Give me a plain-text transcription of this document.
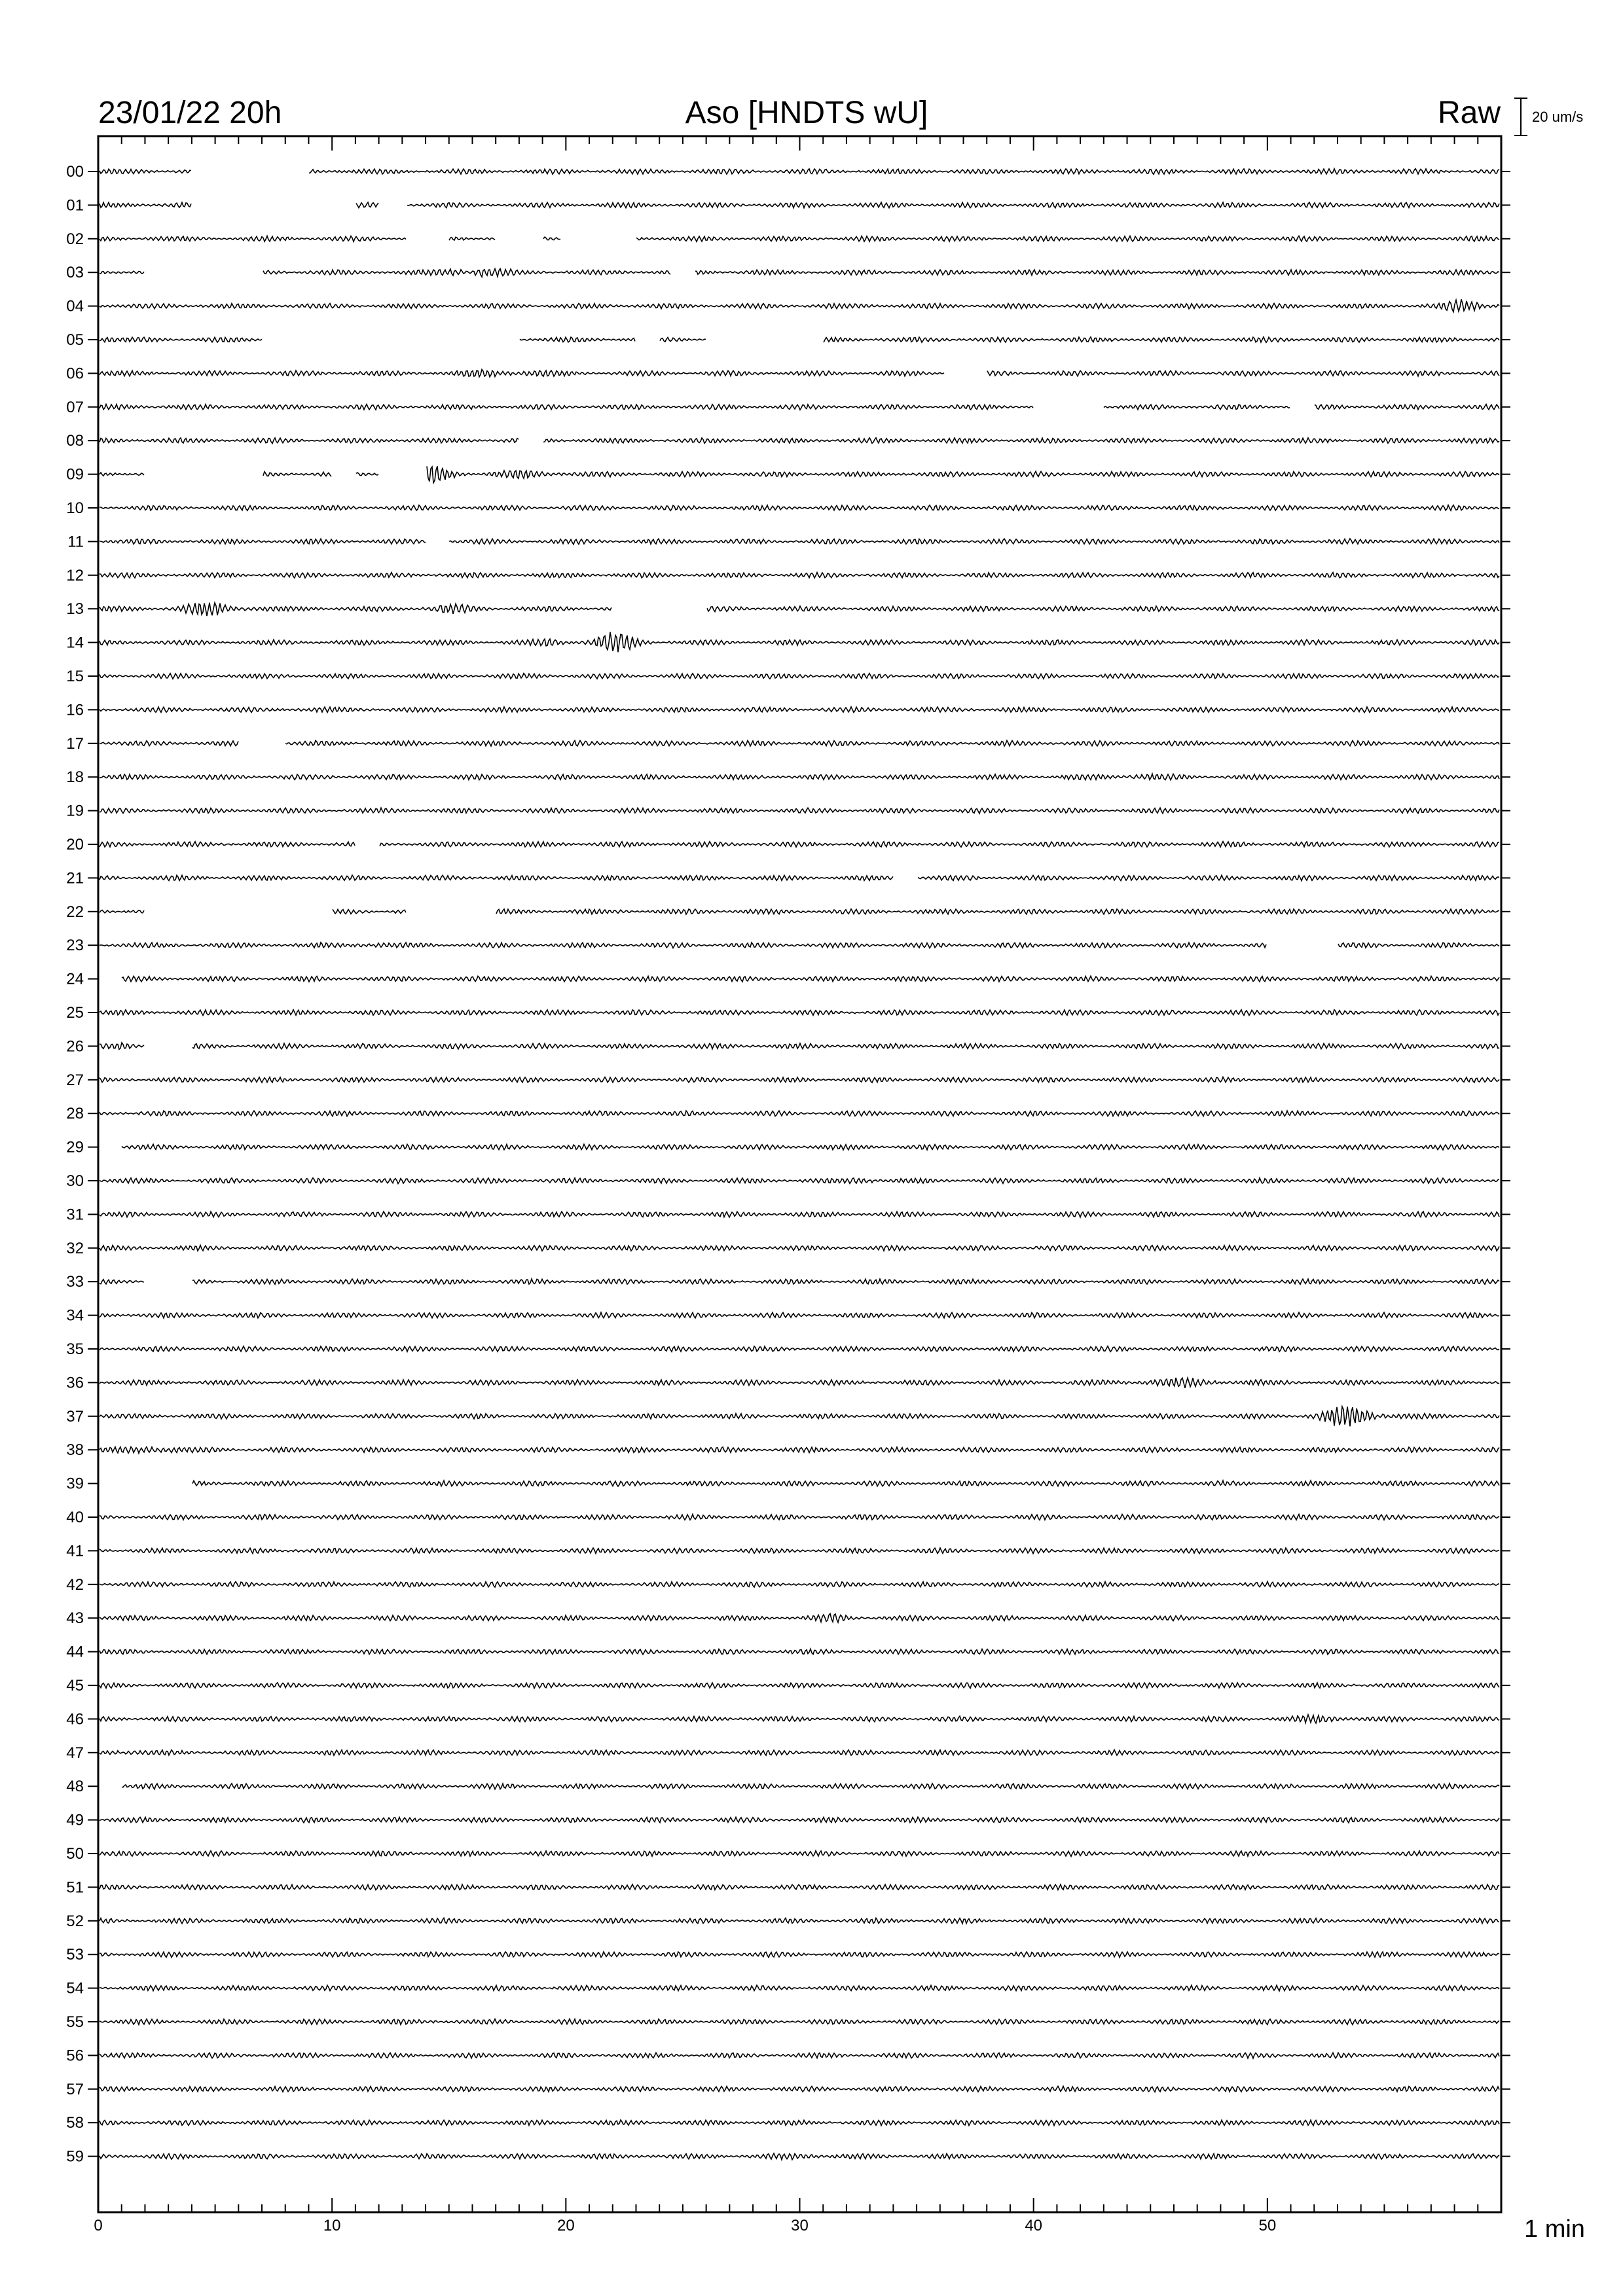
23/01/22 20h	Aso [HNDTS wU]	Raw 20 um/s
00
01
02
03
04
05
06
07
08
09
10
11
12
13
14
15
16
17
18
19
20
21
22
23
24
25
26
27
28
29
30
31
32
33
34
35
36
37
38
39
40
41
42
43
44
45
46
47
48
49
50
51
52
53
54
55
56
57
58
59
0	10	20	30	40	50	1 min
